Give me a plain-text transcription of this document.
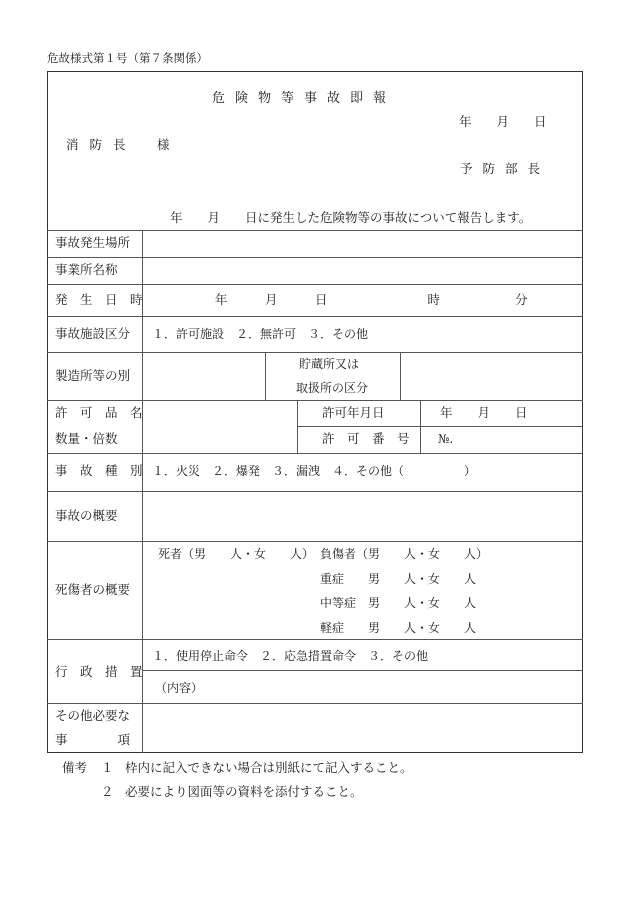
危故様式第１号（第７条関係）
危険物等事故即報
年　　月　　日
消防長 様
予防部長
年　　月　　日に発生した危険物等の事故について報告します。
事故発生場所
事業所名称
発　生　日　時	年　　　月　　　日　　　　　　　　時　　　　　　分
事故施設区分 １．許可施設　２．無許可　３．その他
製造所等の別
貯蔵所又は
取扱所の区分
許　可　品　名
数量・倍数
許可年月日	年　　月　　日
許　可　番　号 №.
事　故　種　別 １．火災　２．爆発　３．漏洩　４．その他（　　　　　）
事故の概要
死傷者の概要
死者（男　　人・女　　人） 負傷者（男　　人・女　　人）
重症　　男　　人・女　　人
中等症　男　　人・女　　人
軽症　　男　　人・女　　人
行　政　措　置
１．使用停止命令　２．応急措置命令　３．その他
（内容）
その他必要な
事　　　　項
備考 １ 枠内に記入できない場合は別紙にて記入すること。
２ 必要により図面等の資料を添付すること。
